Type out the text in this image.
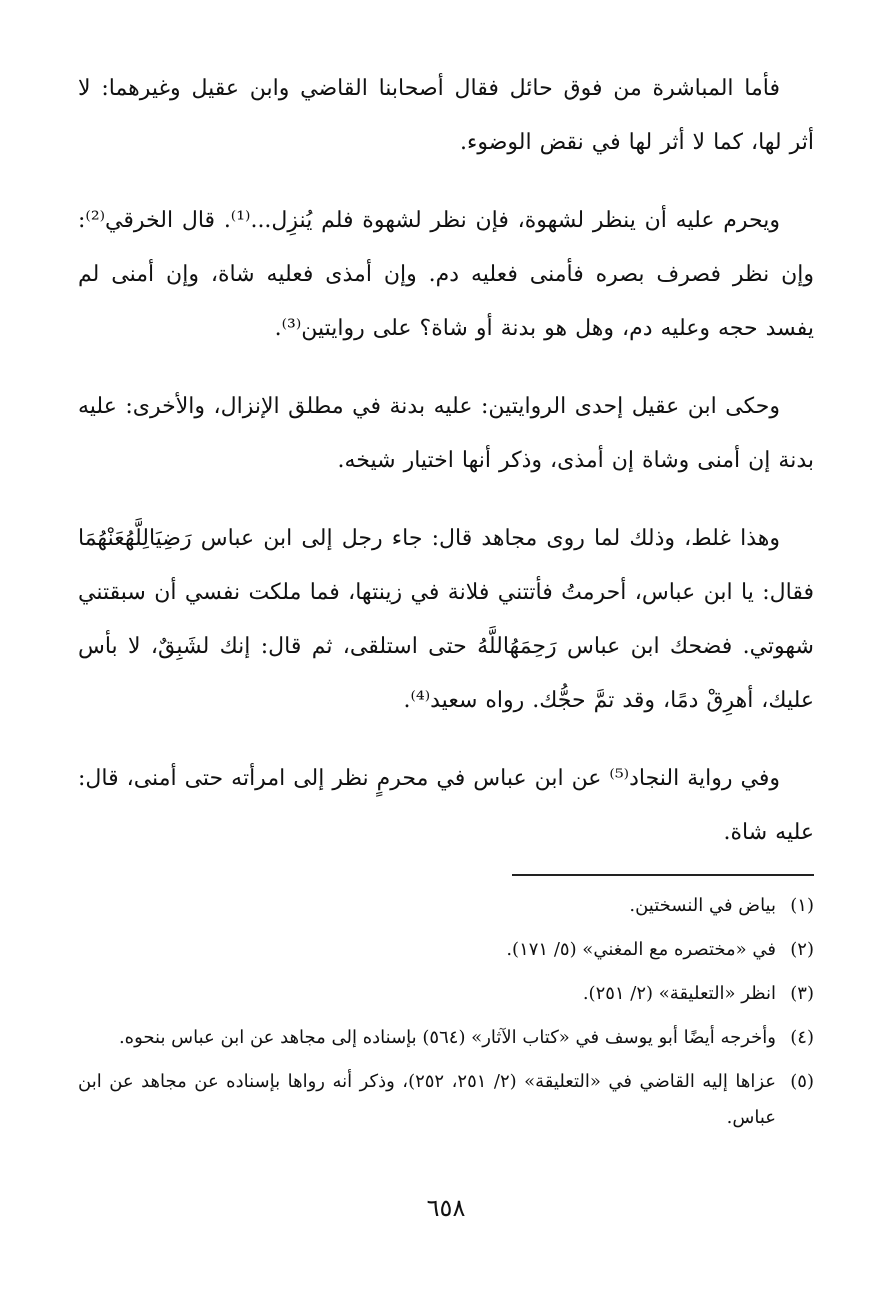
فأما المباشرة من فوق حائل فقال أصحابنا القاضي وابن عقيل وغيرهما: لا أثر لها، كما لا أثر لها في نقض الوضوء.

ويحرم عليه أن ينظر لشهوة، فإن نظر لشهوة فلم يُنزِل...⁽¹⁾. قال الخرقي⁽²⁾: وإن نظر فصرف بصره فأمنى فعليه دم. وإن أمذى فعليه شاة، وإن أمنى لم يفسد حجه وعليه دم، وهل هو بدنة أو شاة؟ على روايتين⁽³⁾.

وحكى ابن عقيل إحدى الروايتين: عليه بدنة في مطلق الإنزال، والأخرى: عليه بدنة إن أمنى وشاة إن أمذى، وذكر أنها اختيار شيخه.

وهذا غلط، وذلك لما روى مجاهد قال: جاء رجل إلى ابن عباس رَضِيَالِلَّهُعَنْهُمَا فقال: يا ابن عباس، أحرمتُ فأتتني فلانة في زينتها، فما ملكت نفسي أن سبقتني شهوتي. فضحك ابن عباس رَحِمَهُاللَّهُ حتى استلقى، ثم قال: إنك لشَبِقٌ، لا بأس عليك، أهرِقْ دمًا، وقد تمَّ حجُّك. رواه سعيد⁽⁴⁾.

وفي رواية النجاد⁽⁵⁾ عن ابن عباس في محرمٍ نظر إلى امرأته حتى أمنى، قال: عليه شاة.

(١)
بياض في النسختين.
(٢)
في «مختصره مع المغني» (٥/ ١٧١).
(٣)
انظر «التعليقة» (٢/ ٢٥١).
(٤)
وأخرجه أيضًا أبو يوسف في «كتاب الآثار» (٥٦٤) بإسناده إلى مجاهد عن ابن عباس بنحوه.
(٥)
عزاها إليه القاضي في «التعليقة» (٢/ ٢٥١، ٢٥٢)، وذكر أنه رواها بإسناده عن مجاهد عن ابن عباس.
٦٥٨
